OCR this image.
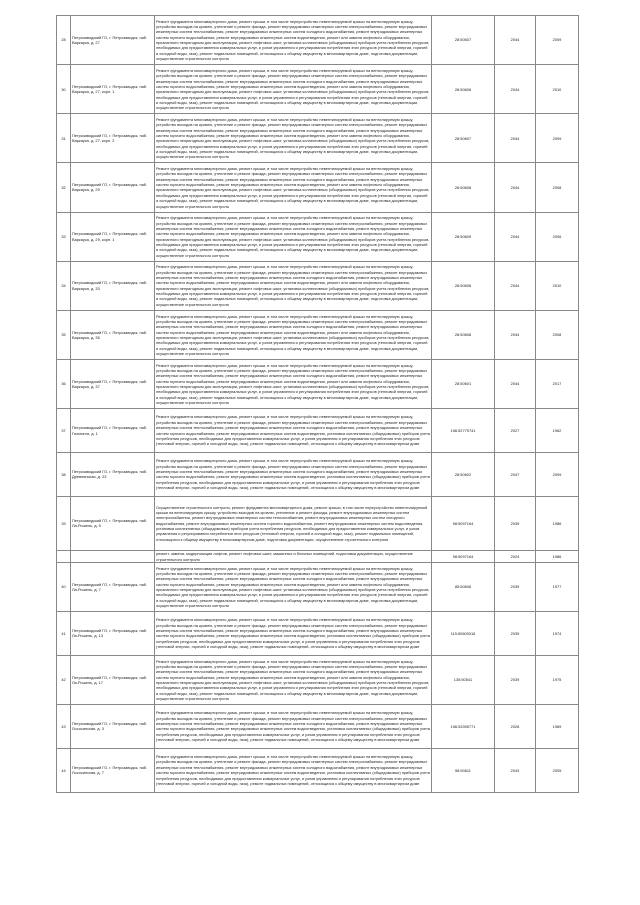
28	Петрозаводский ГО, г. Петрозаводск, наб. Варкауса, д. 27	Ремонт фундамента многоквартирного дома, ремонт крыши, в том числе переустройство невентилируемой крыши на вентилируемую крышу, устройство выходов на кровлю, утепление и ремонт фасада, ремонт внутридомовых инженерных систем электроснабжения, ремонт внутридомовых инженерных систем теплоснабжения, ремонт внутридомовых инженерных систем холодного водоснабжения, ремонт внутридомовых инженерных систем горячего водоснабжения, ремонт внутридомовых инженерных систем водоотведения, ремонт или замена лифтового оборудования, признанного непригодным для эксплуатации, ремонт лифтовых шахт, установка коллективных (общедомовых) приборов учета потребления ресурсов, необходимых для предоставления коммунальных услуг, и узлов управления и регулирования потребления этих ресурсов (тепловой энергии, горячей и холодной воды, газа), ремонт подвальных помещений, относящихся к общему имуществу в многоквартирном доме, подготовка документации, осуществление строительного контроля	28:50607	2044	2009
30	Петрозаводский ГО, г. Петрозаводск, наб. Варкауса, д. 27, корп. 1	Ремонт фундамента многоквартирного дома, ремонт крыши, в том числе переустройство невентилируемой крыши на вентилируемую крышу, устройство выходов на кровлю, утепление и ремонт фасада, ремонт внутридомовых инженерных систем электроснабжения, ремонт внутридомовых инженерных систем теплоснабжения, ремонт внутридомовых инженерных систем холодного водоснабжения, ремонт внутридомовых инженерных систем горячего водоснабжения, ремонт внутридомовых инженерных систем водоотведения, ремонт или замена лифтового оборудования, признанного непригодным для эксплуатации, ремонт лифтовых шахт, установка коллективных (общедомовых) приборов учета потребления ресурсов, необходимых для предоставления коммунальных услуг, и узлов управления и регулирования потребления этих ресурсов (тепловой энергии, горячей и холодной воды, газа), ремонт подвальных помещений, относящихся к общему имуществу в многоквартирном доме, подготовка документации, осуществление строительного контроля	28:50606	2044	2010
31	Петрозаводский ГО, г. Петрозаводск, наб. Варкауса, д. 27, корп. 2	Ремонт фундамента многоквартирного дома, ремонт крыши, в том числе переустройство невентилируемой крыши на вентилируемую крышу, устройство выходов на кровлю, утепление и ремонт фасада, ремонт внутридомовых инженерных систем электроснабжения, ремонт внутридомовых инженерных систем теплоснабжения, ремонт внутридомовых инженерных систем холодного водоснабжения, ремонт внутридомовых инженерных систем горячего водоснабжения, ремонт внутридомовых инженерных систем водоотведения, ремонт или замена лифтового оборудования, признанного непригодным для эксплуатации, ремонт лифтовых шахт, установка коллективных (общедомовых) приборов учета потребления ресурсов, необходимых для предоставления коммунальных услуг, и узлов управления и регулирования потребления этих ресурсов (тепловой энергии, горячей и холодной воды, газа), ремонт подвальных помещений, относящихся к общему имуществу в многоквартирном доме, подготовка документации, осуществление строительного контроля	28:50607	2044	2009
32	Петрозаводский ГО, г. Петрозаводск, наб. Варкауса, д. 29	Ремонт фундамента многоквартирного дома, ремонт крыши, в том числе переустройство невентилируемой крыши на вентилируемую крышу, устройство выходов на кровлю, утепление и ремонт фасада, ремонт внутридомовых инженерных систем электроснабжения, ремонт внутридомовых инженерных систем теплоснабжения, ремонт внутридомовых инженерных систем холодного водоснабжения, ремонт внутридомовых инженерных систем горячего водоснабжения, ремонт внутридомовых инженерных систем водоотведения, ремонт или замена лифтового оборудования, признанного непригодным для эксплуатации, ремонт лифтовых шахт, установка коллективных (общедомовых) приборов учета потребления ресурсов, необходимых для предоставления коммунальных услуг, и узлов управления и регулирования потребления этих ресурсов (тепловой энергии, горячей и холодной воды, газа), ремонт подвальных помещений, относящихся к общему имуществу в многоквартирном доме, подготовка документации, осуществление строительного контроля	28:50608	2044	2008
33	Петрозаводский ГО, г. Петрозаводск, наб. Варкауса, д. 29, корп. 1	Ремонт фундамента многоквартирного дома, ремонт крыши, в том числе переустройство невентилируемой крыши на вентилируемую крышу, устройство выходов на кровлю, утепление и ремонт фасада, ремонт внутридомовых инженерных систем электроснабжения, ремонт внутридомовых инженерных систем теплоснабжения, ремонт внутридомовых инженерных систем холодного водоснабжения, ремонт внутридомовых инженерных систем горячего водоснабжения, ремонт внутридомовых инженерных систем водоотведения, ремонт или замена лифтового оборудования, признанного непригодным для эксплуатации, ремонт лифтовых шахт, установка коллективных (общедомовых) приборов учета потребления ресурсов, необходимых для предоставления коммунальных услуг, и узлов управления и регулирования потребления этих ресурсов (тепловой энергии, горячей и холодной воды, газа), ремонт подвальных помещений, относящихся к общему имуществу в многоквартирном доме, подготовка документации, осуществление строительного контроля	28:50609	2044	2006
34	Петрозаводский ГО, г. Петрозаводск, наб. Варкауса, д. 33	Ремонт фундамента многоквартирного дома, ремонт крыши, в том числе переустройство невентилируемой крыши на вентилируемую крышу, устройство выходов на кровлю, утепление и ремонт фасада, ремонт внутридомовых инженерных систем электроснабжения, ремонт внутридомовых инженерных систем теплоснабжения, ремонт внутридомовых инженерных систем холодного водоснабжения, ремонт внутридомовых инженерных систем горячего водоснабжения, ремонт внутридомовых инженерных систем водоотведения, ремонт или замена лифтового оборудования, признанного непригодным для эксплуатации, ремонт лифтовых шахт, установка коллективных (общедомовых) приборов учета потребления ресурсов, необходимых для предоставления коммунальных услуг, и узлов управления и регулирования потребления этих ресурсов (тепловой энергии, горячей и холодной воды, газа), ремонт подвальных помещений, относящихся к общему имуществу в многоквартирном доме, подготовка документации, осуществление строительного контроля	28:50606	2044	2010
35	Петрозаводский ГО, г. Петрозаводск, наб. Варкауса, д. 35	Ремонт фундамента многоквартирного дома, ремонт крыши, в том числе переустройство невентилируемой крыши на вентилируемую крышу, устройство выходов на кровлю, утепление и ремонт фасада, ремонт внутридомовых инженерных систем электроснабжения, ремонт внутридомовых инженерных систем теплоснабжения, ремонт внутридомовых инженерных систем холодного водоснабжения, ремонт внутридомовых инженерных систем горячего водоснабжения, ремонт внутридомовых инженерных систем водоотведения, ремонт или замена лифтового оборудования, признанного непригодным для эксплуатации, ремонт лифтовых шахт, установка коллективных (общедомовых) приборов учета потребления ресурсов, необходимых для предоставления коммунальных услуг, и узлов управления и регулирования потребления этих ресурсов (тепловой энергии, горячей и холодной воды, газа), ремонт подвальных помещений, относящихся к общему имуществу в многоквартирном доме, подготовка документации, осуществление строительного контроля	28:50608	2044	2008
36	Петрозаводский ГО, г. Петрозаводск, наб. Варкауса, д. 37	Ремонт фундамента многоквартирного дома, ремонт крыши, в том числе переустройство невентилируемой крыши на вентилируемую крышу, устройство выходов на кровлю, утепление и ремонт фасада, ремонт внутридомовых инженерных систем электроснабжения, ремонт внутридомовых инженерных систем теплоснабжения, ремонт внутридомовых инженерных систем холодного водоснабжения, ремонт внутридомовых инженерных систем горячего водоснабжения, ремонт внутридомовых инженерных систем водоотведения, ремонт или замена лифтового оборудования, признанного непригодным для эксплуатации, ремонт лифтовых шахт, установка коллективных (общедомовых) приборов учета потребления ресурсов, необходимых для предоставления коммунальных услуг, и узлов управления и регулирования потребления этих ресурсов (тепловой энергии, горячей и холодной воды, газа), ремонт подвальных помещений, относящихся к общему имуществу в многоквартирном доме, подготовка документации, осуществление строительного контроля	28:50601	2044	2017
37	Петрозаводский ГО, г. Петрозаводск, наб. Гюллинга, д. 1	Ремонт фундамента многоквартирного дома, ремонт крыши, в том числе переустройство невентилируемой крыши на вентилируемую крышу, устройство выходов на кровлю, утепление и ремонт фасада, ремонт внутридомовых инженерных систем электроснабжения, ремонт внутридомовых инженерных систем теплоснабжения, ремонт внутридомовых инженерных систем холодного водоснабжения, ремонт внутридомовых инженерных систем горячего водоснабжения, ремонт внутридомовых инженерных систем водоотведения, установка коллективных (общедомовых) приборов учета потребления ресурсов, необходимых для предоставления коммунальных услуг, и узлов управления и регулирования потребления этих ресурсов (тепловой энергии, горячей и холодной воды, газа), ремонт подвальных помещений, относящихся к общему имуществу в многоквартирном доме	156:52779741	2027	1962
38	Петрозаводский ГО, г. Петрозаводск, наб. Древлянская, д. 23	Ремонт фундамента многоквартирного дома, ремонт крыши, в том числе переустройство невентилируемой крыши на вентилируемую крышу, устройство выходов на кровлю, утепление и ремонт фасада, ремонт внутридомовых инженерных систем электроснабжения, ремонт внутридомовых инженерных систем теплоснабжения, ремонт внутридомовых инженерных систем холодного водоснабжения, ремонт внутридомовых инженерных систем горячего водоснабжения, ремонт внутридомовых инженерных систем водоотведения, установка коллективных (общедомовых) приборов учета потребления ресурсов, необходимых для предоставления коммунальных услуг, и узлов управления и регулирования потребления этих ресурсов (тепловой энергии, горячей и холодной воды, газа), ремонт подвальных помещений, относящихся к общему имуществу в многоквартирном доме	28:50602	2047	2009
39	Петрозаводский ГО, г. Петрозаводск, наб. Ла-Рошель, д. 5	Осуществление строительного контроля, ремонт фундамента многоквартирного дома, ремонт крыши, в том числе переустройство невентилируемой крыши на вентилируемую крышу, устройство выходов на кровлю, утепление и ремонт фасада, ремонт внутридомовых инженерных систем электроснабжения, ремонт внутридомовых инженерных систем теплоснабжения, ремонт внутридомовых инженерных систем холодного водоснабжения, ремонт внутридомовых инженерных систем горячего водоснабжения, ремонт внутридомовых инженерных систем водоотведения, установка коллективных (общедомовых) приборов учета потребления ресурсов, необходимых для предоставления коммунальных услуг, и узлов управления и регулирования потребления этих ресурсов (тепловой энергии, горячей и холодной воды, газа), ремонт подвальных помещений, относящихся к общему имуществу в многоквартирном доме, подготовка документации, осуществление строительного контроля	98:5097164	2039	1986
		ремонт, замена, модернизация лифтов, ремонт лифтовых шахт, машинных и блочных помещений, подготовка документации, осуществление строительного контроля	98:5097164	2024	1986
40	Петрозаводский ГО, г. Петрозаводск, наб. Ла-Рошель, д. 7	Ремонт фундамента многоквартирного дома, ремонт крыши, в том числе переустройство невентилируемой крыши на вентилируемую крышу, устройство выходов на кровлю, утепление и ремонт фасада, ремонт внутридомовых инженерных систем электроснабжения, ремонт внутридомовых инженерных систем теплоснабжения, ремонт внутридомовых инженерных систем холодного водоснабжения, ремонт внутридомовых инженерных систем горячего водоснабжения, ремонт внутридомовых инженерных систем водоотведения, ремонт или замена лифтового оборудования, признанного непригодным для эксплуатации, ремонт лифтовых шахт, установка коллективных (общедомовых) приборов учета потребления ресурсов, необходимых для предоставления коммунальных услуг, и узлов управления и регулирования потребления этих ресурсов (тепловой энергии, горячей и холодной воды, газа), ремонт подвальных помещений, относящихся к общему имуществу в многоквартирном доме, подготовка документации, осуществление строительного контроля	85:50606	2039	1977
41	Петрозаводский ГО, г. Петрозаводск, наб. Ла-Рошель, д. 13	Ремонт фундамента многоквартирного дома, ремонт крыши, в том числе переустройство невентилируемой крыши на вентилируемую крышу, устройство выходов на кровлю, утепление и ремонт фасада, ремонт внутридомовых инженерных систем электроснабжения, ремонт внутридомовых инженерных систем теплоснабжения, ремонт внутридомовых инженерных систем холодного водоснабжения, ремонт внутридомовых инженерных систем горячего водоснабжения, ремонт внутридомовых инженерных систем водоотведения, установка коллективных (общедомовых) приборов учета потребления ресурсов, необходимых для предоставления коммунальных услуг, и узлов управления и регулирования потребления этих ресурсов (тепловой энергии, горячей и холодной воды, газа), ремонт подвальных помещений, относящихся к общему имуществу в многоквартирном доме	115:50609316	2039	1974
42	Петрозаводский ГО, г. Петрозаводск, наб. Ла-Рошель, д. 17	Ремонт фундамента многоквартирного дома, ремонт крыши, в том числе переустройство невентилируемой крыши на вентилируемую крышу, устройство выходов на кровлю, утепление и ремонт фасада, ремонт внутридомовых инженерных систем электроснабжения, ремонт внутридомовых инженерных систем теплоснабжения, ремонт внутридомовых инженерных систем холодного водоснабжения, ремонт внутридомовых инженерных систем горячего водоснабжения, ремонт внутридомовых инженерных систем водоотведения, ремонт или замена лифтового оборудования, признанного непригодным для эксплуатации, ремонт лифтовых шахт, установка коллективных (общедомовых) приборов учета потребления ресурсов, необходимых для предоставления коммунальных услуг, и узлов управления и регулирования потребления этих ресурсов (тепловой энергии, горячей и холодной воды, газа), ремонт подвальных помещений, относящихся к общему имуществу в многоквартирном доме, подготовка документации, осуществление строительного контроля	135:50541	2039	1975
43	Петрозаводский ГО, г. Петрозаводск, наб. Лососинская, д. 3	Ремонт фундамента многоквартирного дома, ремонт крыши, в том числе переустройство невентилируемой крыши на вентилируемую крышу, устройство выходов на кровлю, утепление и ремонт фасада, ремонт внутридомовых инженерных систем электроснабжения, ремонт внутридомовых инженерных систем теплоснабжения, ремонт внутридомовых инженерных систем холодного водоснабжения, ремонт внутридомовых инженерных систем горячего водоснабжения, ремонт внутридомовых инженерных систем водоотведения, установка коллективных (общедомовых) приборов учета потребления ресурсов, необходимых для предоставления коммунальных услуг, и узлов управления и регулирования потребления этих ресурсов (тепловой энергии, горячей и холодной воды, газа), ремонт подвальных помещений, относящихся к общему имуществу в многоквартирном доме	156:53395771	2026	1989
44	Петрозаводский ГО, г. Петрозаводск, наб. Лососинская, д. 7	Ремонт фундамента многоквартирного дома, ремонт крыши, в том числе переустройство невентилируемой крыши на вентилируемую крышу, устройство выходов на кровлю, утепление и ремонт фасада, ремонт внутридомовых инженерных систем электроснабжения, ремонт внутридомовых инженерных систем теплоснабжения, ремонт внутридомовых инженерных систем холодного водоснабжения, ремонт внутридомовых инженерных систем горячего водоснабжения, ремонт внутридомовых инженерных систем водоотведения, установка коллективных (общедомовых) приборов учета потребления ресурсов, необходимых для предоставления коммунальных услуг, и узлов управления и регулирования потребления этих ресурсов (тепловой энергии, горячей и холодной воды, газа), ремонт подвальных помещений, относящихся к общему имуществу в многоквартирном доме	58:50611	2043	2005
